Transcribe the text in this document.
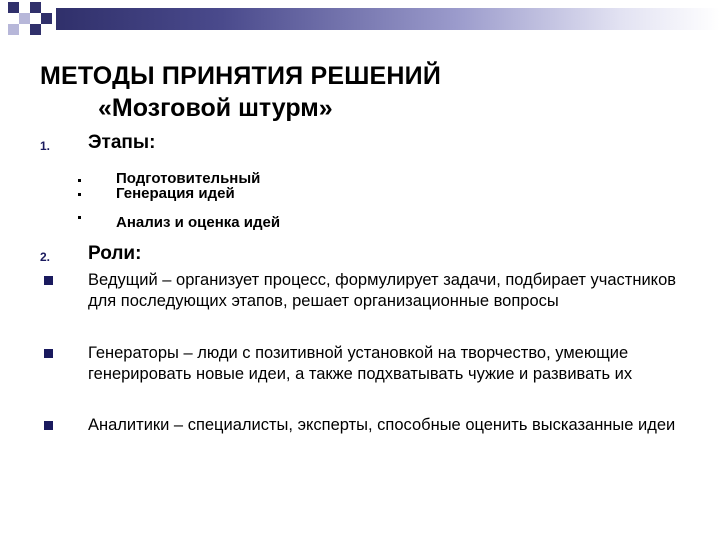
МЕТОДЫ ПРИНЯТИЯ РЕШЕНИЙ
«Мозговой штурм»
1. Этапы:
Подготовительный
Генерация идей
Анализ и оценка идей
2. Роли:
Ведущий – организует процесс, формулирует задачи, подбирает участников для последующих этапов, решает организационные вопросы
Генераторы – люди с позитивной установкой на творчество, умеющие генерировать новые идеи, а также подхватывать чужие и развивать их
Аналитики – специалисты, эксперты, способные оценить высказанные идеи
